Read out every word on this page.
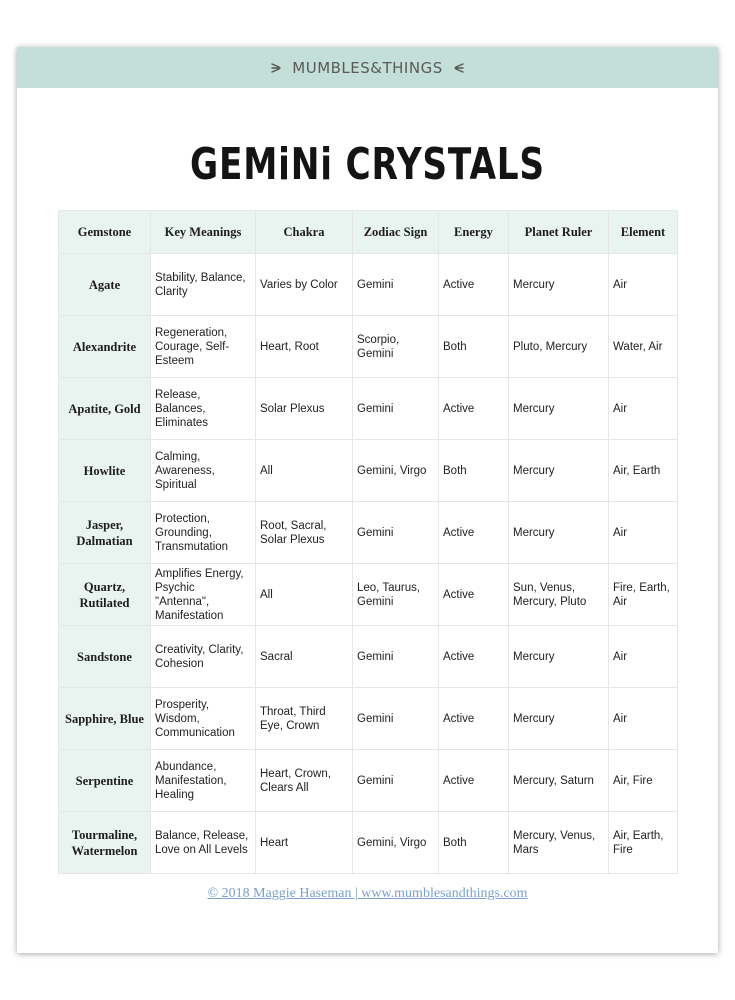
MUMBLES&THINGS
GEMiNi CRYSTALS
Gemstone	Key Meanings	Chakra	Zodiac Sign	Energy	Planet Ruler	Element
Agate	Stability, Balance, Clarity	Varies by Color	Gemini	Active	Mercury	Air
Alexandrite	Regeneration, Courage, Self-Esteem	Heart, Root	Scorpio, Gemini	Both	Pluto, Mercury	Water, Air
Apatite, Gold	Release, Balances, Eliminates	Solar Plexus	Gemini	Active	Mercury	Air
Howlite	Calming, Awareness, Spiritual	All	Gemini, Virgo	Both	Mercury	Air, Earth
Jasper, Dalmatian	Protection, Grounding, Transmutation	Root, Sacral, Solar Plexus	Gemini	Active	Mercury	Air
Quartz, Rutilated	Amplifies Energy, Psychic "Antenna", Manifestation	All	Leo, Taurus, Gemini	Active	Sun, Venus, Mercury, Pluto	Fire, Earth, Air
Sandstone	Creativity, Clarity, Cohesion	Sacral	Gemini	Active	Mercury	Air
Sapphire, Blue	Prosperity, Wisdom, Communication	Throat, Third Eye, Crown	Gemini	Active	Mercury	Air
Serpentine	Abundance, Manifestation, Healing	Heart, Crown, Clears All	Gemini	Active	Mercury, Saturn	Air, Fire
Tourmaline, Watermelon	Balance, Release, Love on All Levels	Heart	Gemini, Virgo	Both	Mercury, Venus, Mars	Air, Earth, Fire
© 2018 Maggie Haseman | www.mumblesandthings.com
